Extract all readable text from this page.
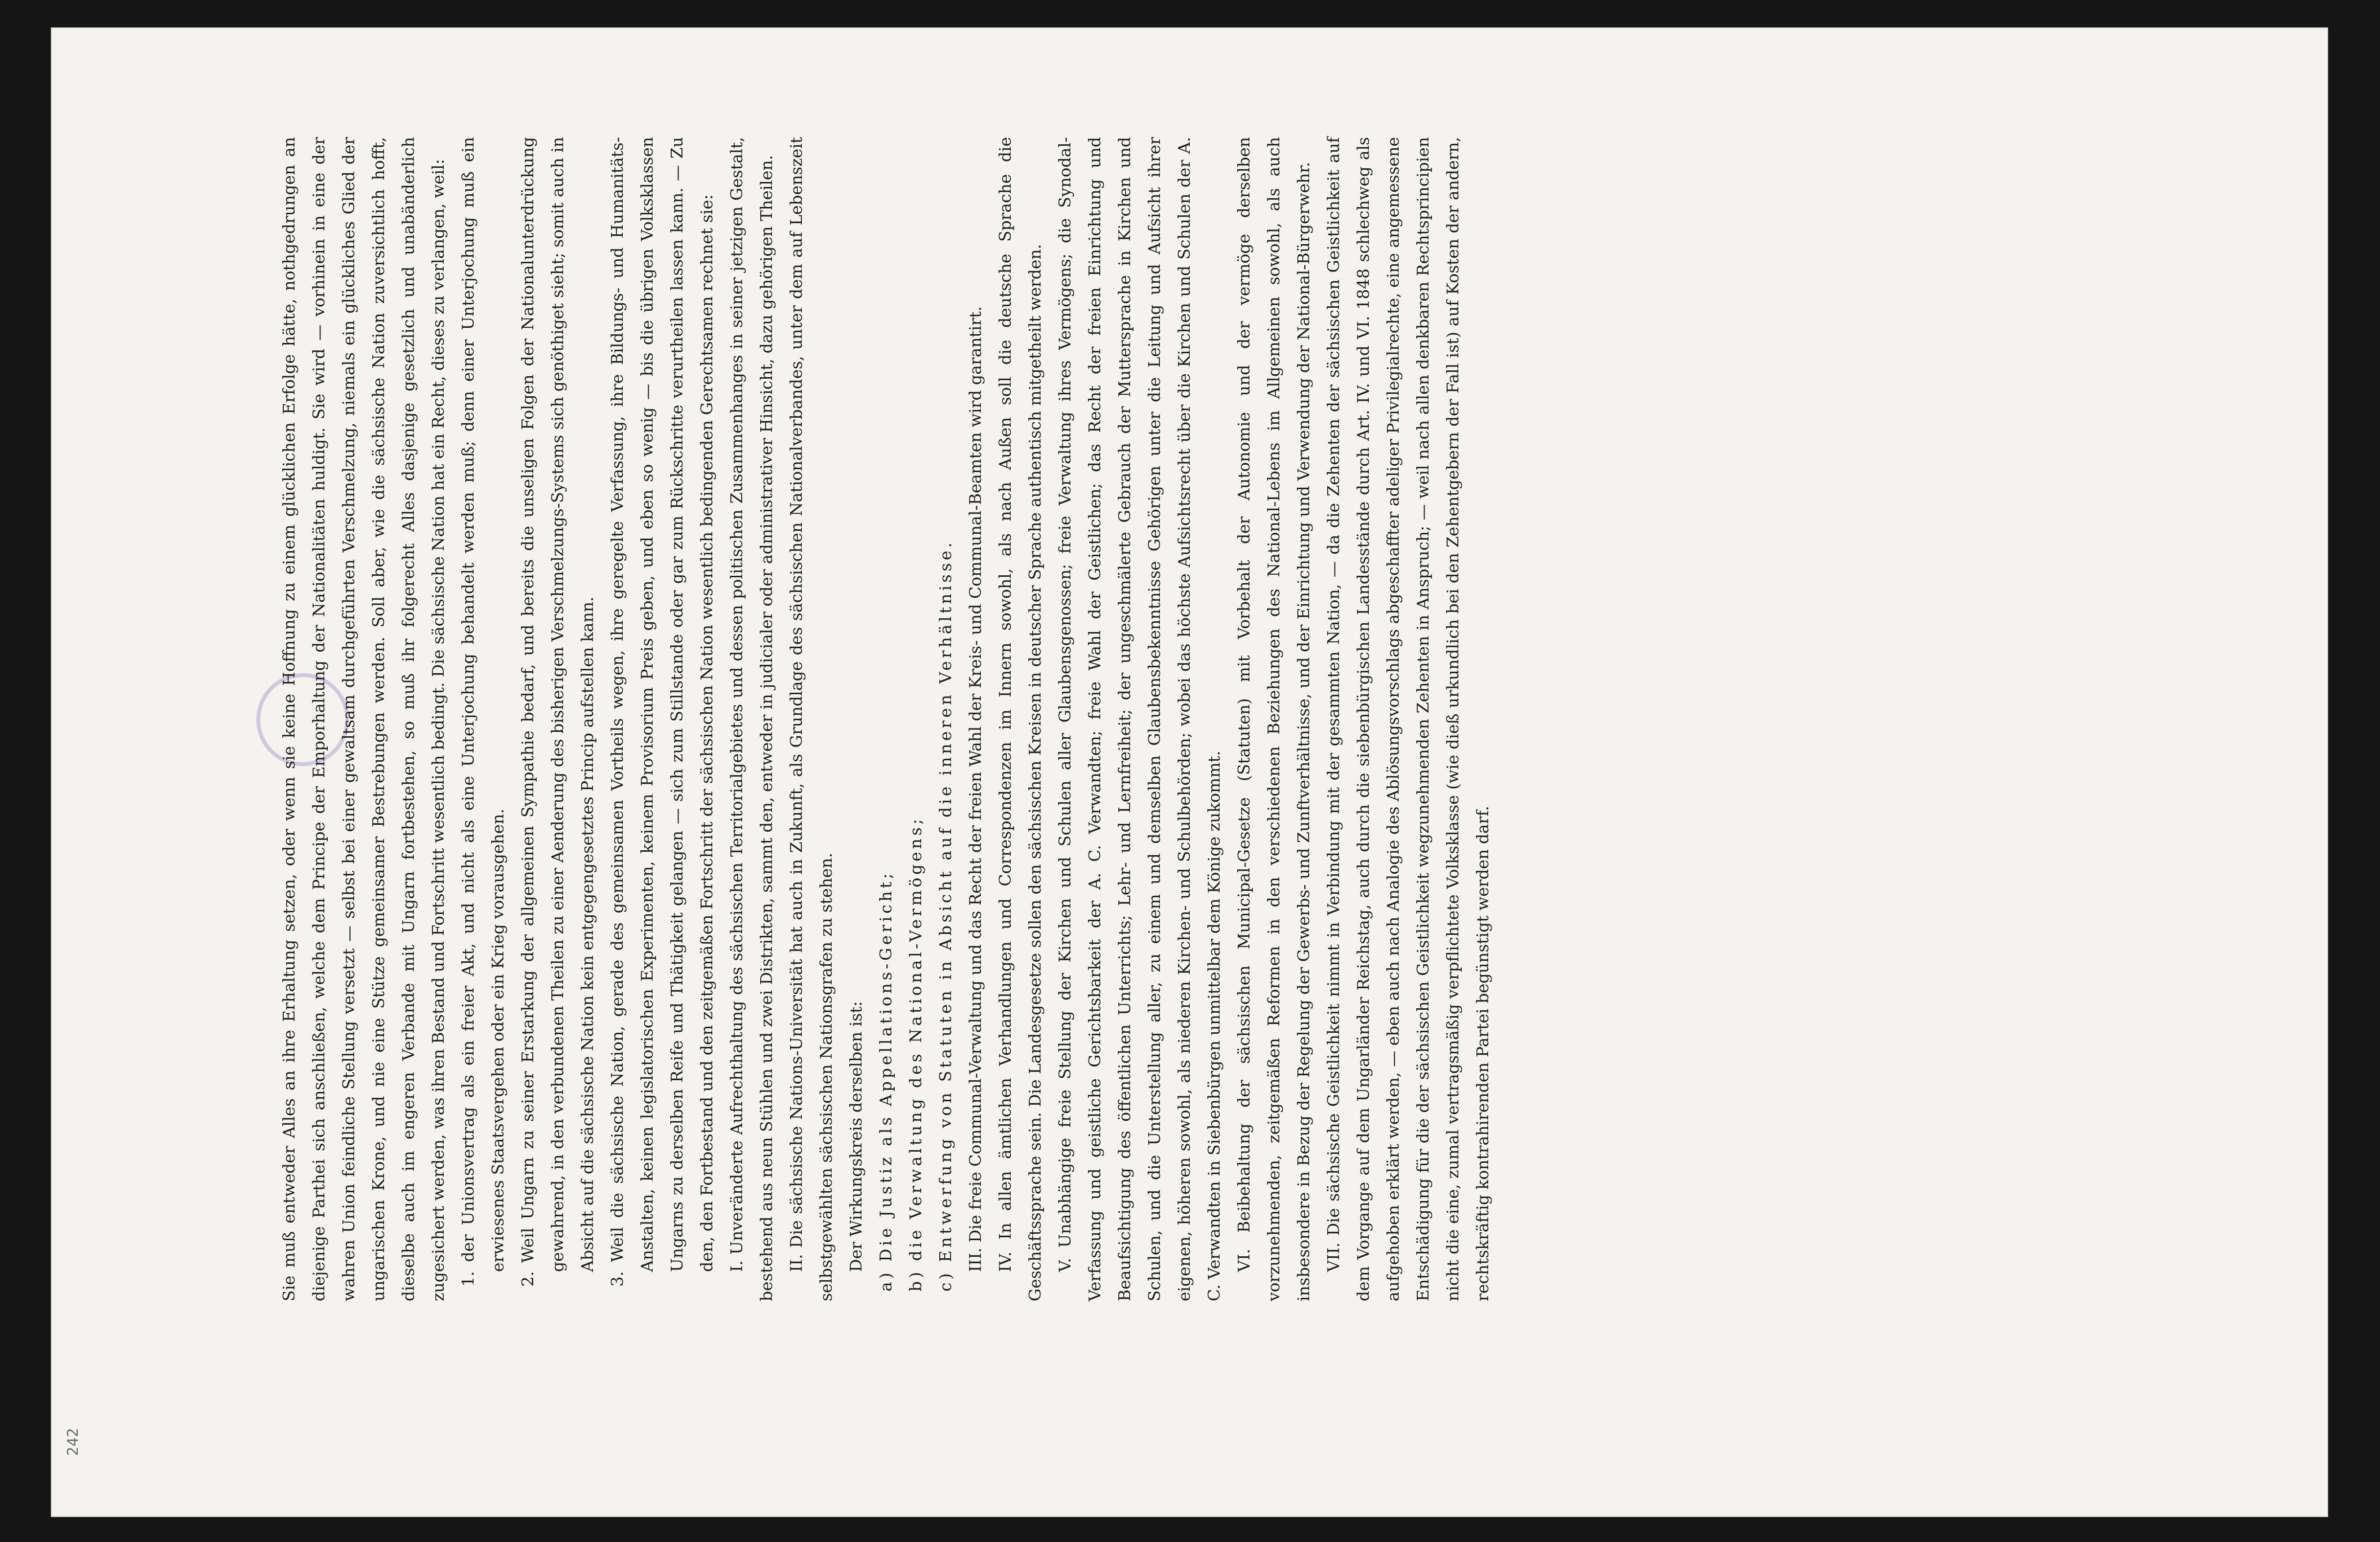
242

Sie muß entweder Alles an ihre Erhaltung setzen, oder wenn sie keine Hoffnung zu einem glücklichen Erfolge hätte, nothgedrungen an diejenige Parthei sich anschließen, welche dem Principe der Emporhaltung der Nationalitäten huldigt. Sie wird — vorhinein in eine der wahren Union feindliche Stellung versetzt — selbst bei einer gewaltsam durchgeführten Verschmelzung, niemals ein glückliches Glied der ungarischen Krone, und nie eine Stütze gemeinsamer Bestrebungen werden. Soll aber, wie die sächsische Nation zuversichtlich hofft, dieselbe auch im engeren Verbande mit Ungarn fortbestehen, so muß ihr folgerecht Alles dasjenige gesetzlich und unabänderlich zugesichert werden, was ihren Bestand und Fortschritt wesentlich bedingt. Die sächsische Nation hat ein Recht, dieses zu verlangen, weil: 1. der Unionsvertrag als ein freier Akt, und nicht als eine Unterjochung behandelt werden muß; denn einer Unterjochung muß ein erwiesenes Staatsvergehen oder ein Krieg vorausgehen. 2. Weil Ungarn zu seiner Erstarkung der allgemeinen Sympathie bedarf, und bereits die unseligen Folgen der Nationalunterdrückung gewahrend, in den verbundenen Theilen zu einer Aenderung des bisherigen Verschmelzungs-Systems sich genöthiget sieht; somit auch in Absicht auf die sächsische Nation kein entgegengesetztes Princip aufstellen kann. 3. Weil die sächsische Nation, gerade des gemeinsamen Vortheils wegen, ihre geregelte Verfassung, ihre Bildungs- und Humanitäts-Anstalten, keinen legislatorischen Experimenten, keinem Provisorium Preis geben, und eben so wenig — bis die übrigen Volksklassen Ungarns zu derselben Reife und Thätigkeit gelangen — sich zum Stillstande oder gar zum Rückschritte verurtheilen lassen kann. — Zu den, den Fortbestand und den zeitgemäßen Fortschritt der sächsischen Nation wesentlich bedingenden Gerechtsamen rechnet sie: I. Unveränderte Aufrechthaltung des sächsischen Territorialgebietes und dessen politischen Zusammenhanges in seiner jetzigen Gestalt, bestehend aus neun Stühlen und zwei Distrikten, sammt den, entweder in judicialer oder administrativer Hinsicht, dazu gehörigen Theilen. II. Die sächsische Nations-Universität hat auch in Zukunft, als Grundlage des sächsischen Nationalverbandes, unter dem auf Lebenszeit selbstgewählten sächsischen Nationsgrafen zu stehen. Der Wirkungskreis derselben ist: a) Die Justiz als Appellations-Gericht; b) die Verwaltung des National-Vermögens; c) Entwerfung von Statuten in Absicht auf die inneren Verhältnisse. III. Die freie Communal-Verwaltung und das Recht der freien Wahl der Kreis- und Communal-Beamten wird garantirt. IV. In allen ämtlichen Verhandlungen und Correspondenzen im Innern sowohl, als nach Außen soll die deutsche Sprache die Geschäftssprache sein. Die Landesgesetze sollen den sächsischen Kreisen in deutscher Sprache authentisch mitgetheilt werden. V. Unabhängige freie Stellung der Kirchen und Schulen aller Glaubensgenossen; freie Verwaltung ihres Vermögens; die Synodal-Verfassung und geistliche Gerichtsbarkeit der A. C. Verwandten; freie Wahl der Geistlichen; das Recht der freien Einrichtung und Beaufsichtigung des öffentlichen Unterrichts; Lehr- und Lernfreiheit; der ungeschmälerte Gebrauch der Muttersprache in Kirchen und Schulen, und die Unterstellung aller, zu einem und demselben Glaubensbekenntnisse Gehörigen unter die Leitung und Aufsicht ihrer eigenen, höheren sowohl, als niederen Kirchen- und Schulbehörden; wobei das höchste Aufsichtsrecht über die Kirchen und Schulen der A. C. Verwandten in Siebenbürgen unmittelbar dem Könige zukommt. VI. Beibehaltung der sächsischen Municipal-Gesetze (Statuten) mit Vorbehalt der Autonomie und der vermöge derselben vorzunehmenden, zeitgemäßen Reformen in den verschiedenen Beziehungen des National-Lebens im Allgemeinen sowohl, als auch insbesondere in Bezug der Regelung der Gewerbs- und Zunftverhältnisse, und der Einrichtung und Verwendung der National-Bürgerwehr. VII. Die sächsische Geistlichkeit nimmt in Verbindung mit der gesammten Nation, — da die Zehenten der sächsischen Geistlichkeit auf dem Vorgange auf dem Ungarländer Reichstag, auch durch die siebenbürgischen Landesstände durch Art. IV. und VI. 1848 schlechweg als aufgehoben erklärt werden, — eben auch nach Analogie des Ablösungsvorschlags abgeschaffter adeliger Privilegialrechte, eine angemessene Entschädigung für die der sächsischen Geistlichkeit wegzunehmenden Zehenten in Anspruch; — weil nach allen denkbaren Rechtsprincipien nicht die eine, zumal vertragsmäßig verpflichtete Volksklasse (wie dieß urkundlich bei den Zehentgebern der Fall ist) auf Kosten der andern, rechtskräftig kontrahirenden Partei begünstigt werden darf.
